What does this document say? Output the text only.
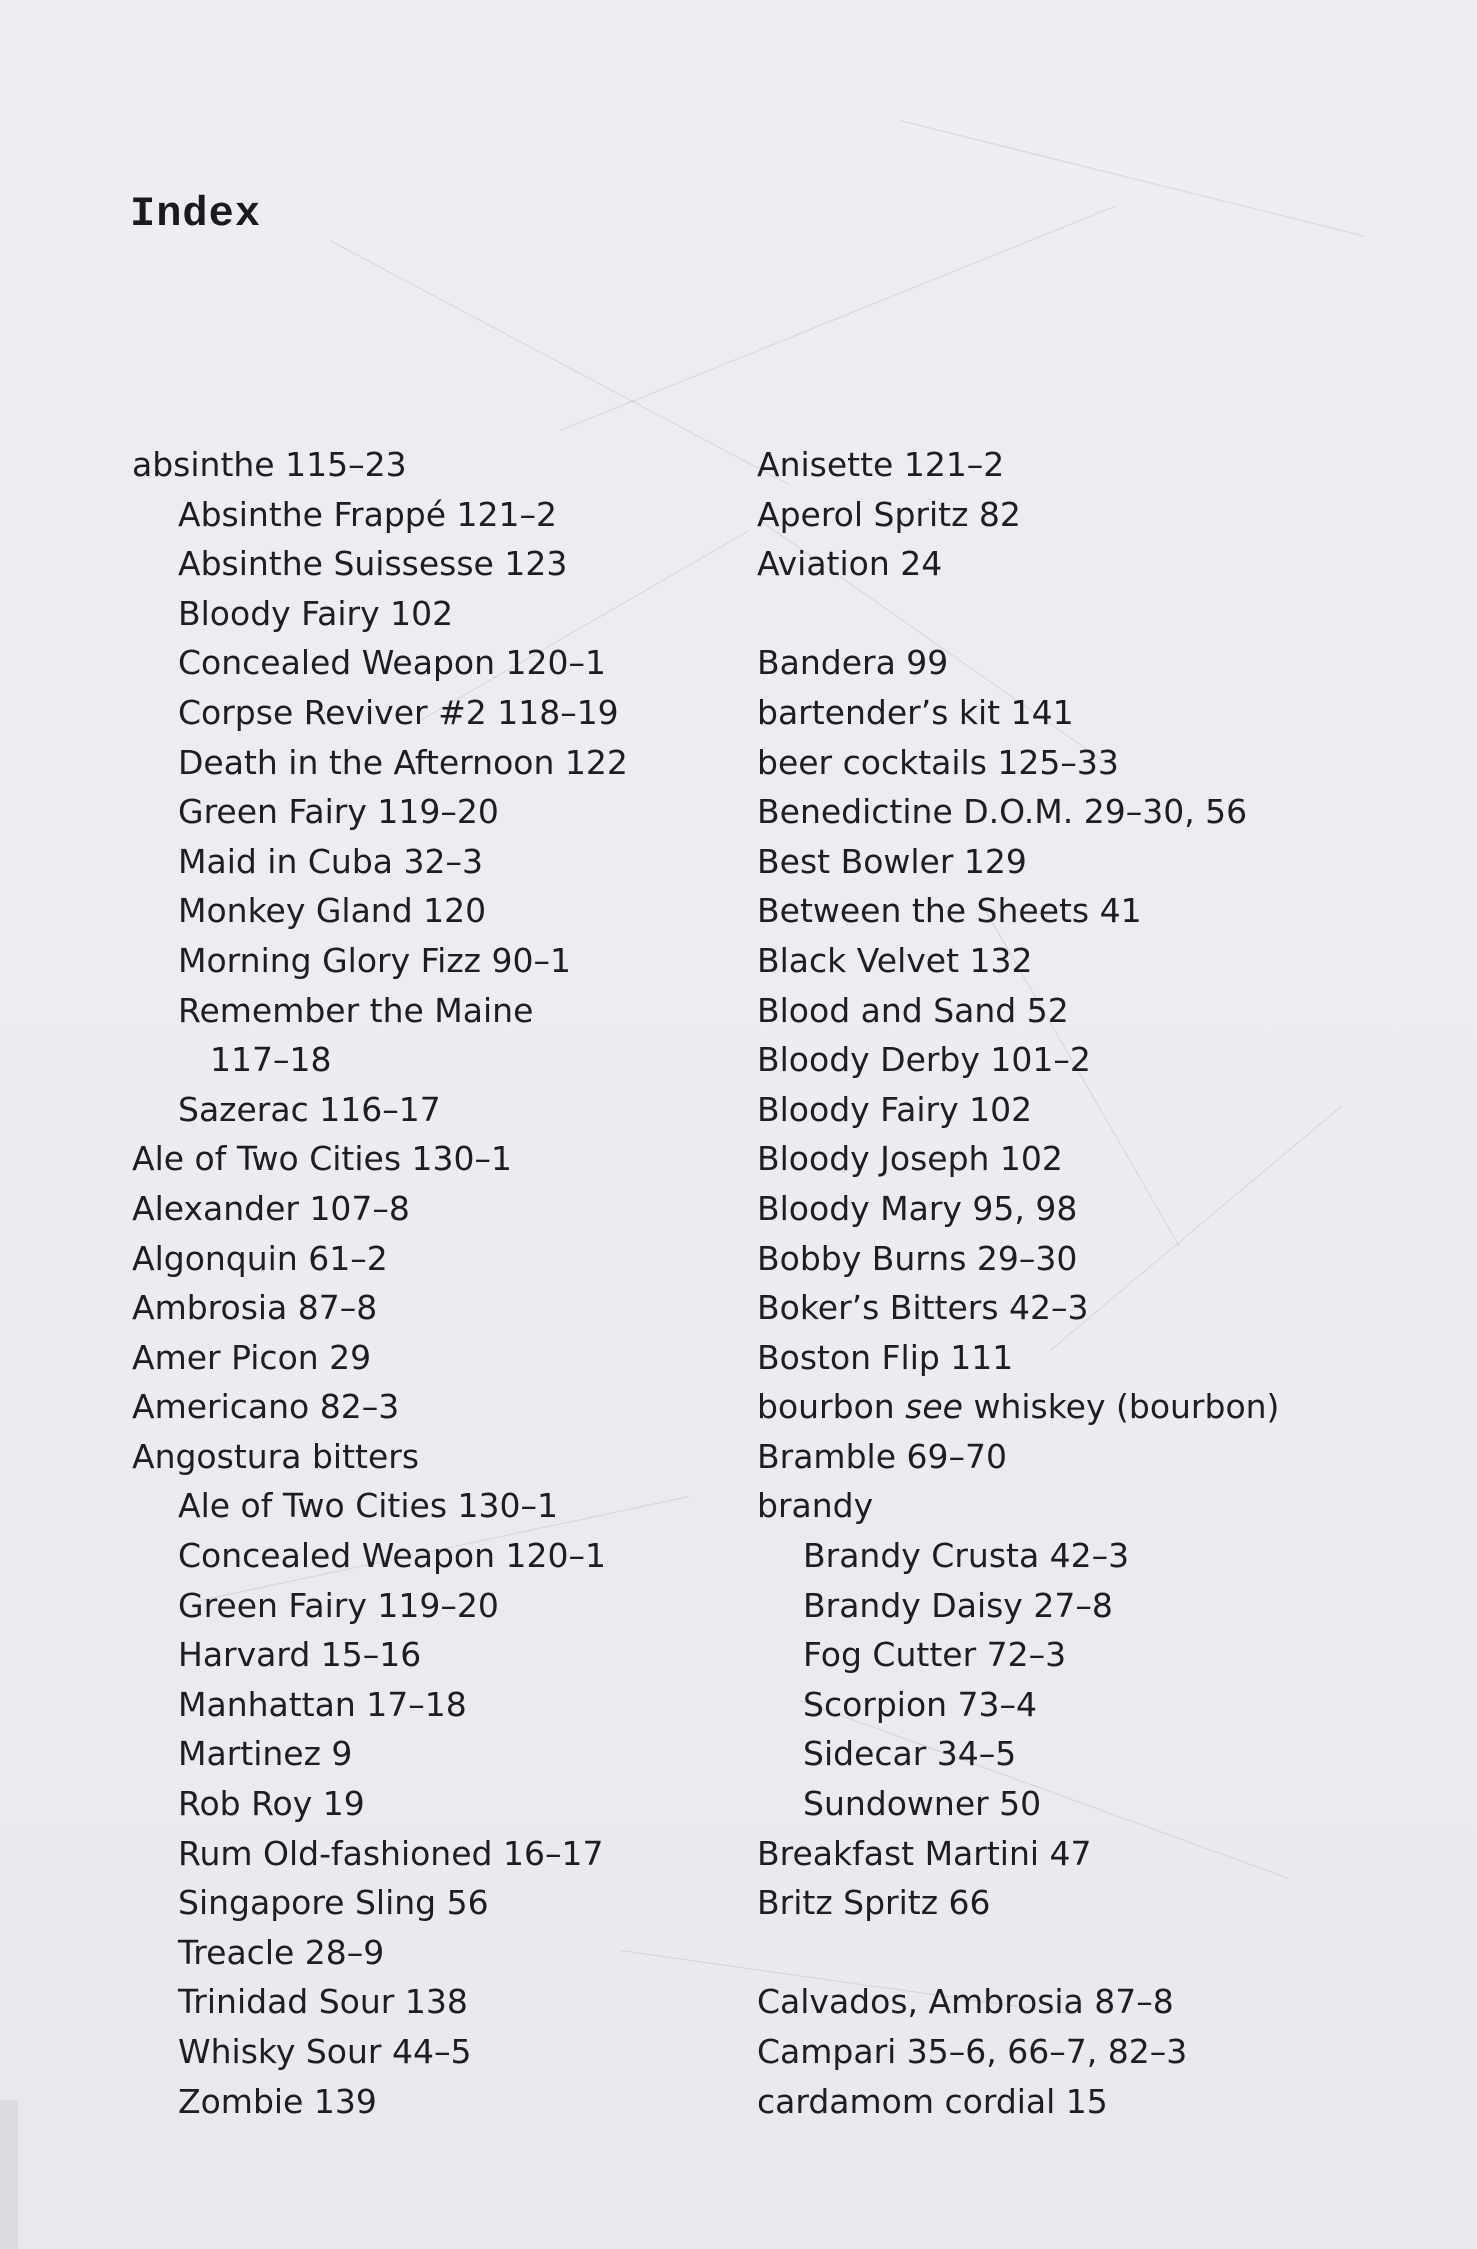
Index
absinthe 115–23
Absinthe Frappé 121–2
Absinthe Suissesse 123
Bloody Fairy 102
Concealed Weapon 120–1
Corpse Reviver #2 118–19
Death in the Afternoon 122
Green Fairy 119–20
Maid in Cuba 32–3
Monkey Gland 120
Morning Glory Fizz 90–1
Remember the Maine
117–18
Sazerac 116–17
Ale of Two Cities 130–1
Alexander 107–8
Algonquin 61–2
Ambrosia 87–8
Amer Picon 29
Americano 82–3
Angostura bitters
Ale of Two Cities 130–1
Concealed Weapon 120–1
Green Fairy 119–20
Harvard 15–16
Manhattan 17–18
Martinez 9
Rob Roy 19
Rum Old-fashioned 16–17
Singapore Sling 56
Treacle 28–9
Trinidad Sour 138
Whisky Sour 44–5
Zombie 139
Anisette 121–2
Aperol Spritz 82
Aviation 24
Bandera 99
bartender’s kit 141
beer cocktails 125–33
Benedictine D.O.M. 29–30, 56
Best Bowler 129
Between the Sheets 41
Black Velvet 132
Blood and Sand 52
Bloody Derby 101–2
Bloody Fairy 102
Bloody Joseph 102
Bloody Mary 95, 98
Bobby Burns 29–30
Boker’s Bitters 42–3
Boston Flip 111
bourbon see whiskey (bourbon)
Bramble 69–70
brandy
Brandy Crusta 42–3
Brandy Daisy 27–8
Fog Cutter 72–3
Scorpion 73–4
Sidecar 34–5
Sundowner 50
Breakfast Martini 47
Britz Spritz 66
Calvados, Ambrosia 87–8
Campari 35–6, 66–7, 82–3
cardamom cordial 15
